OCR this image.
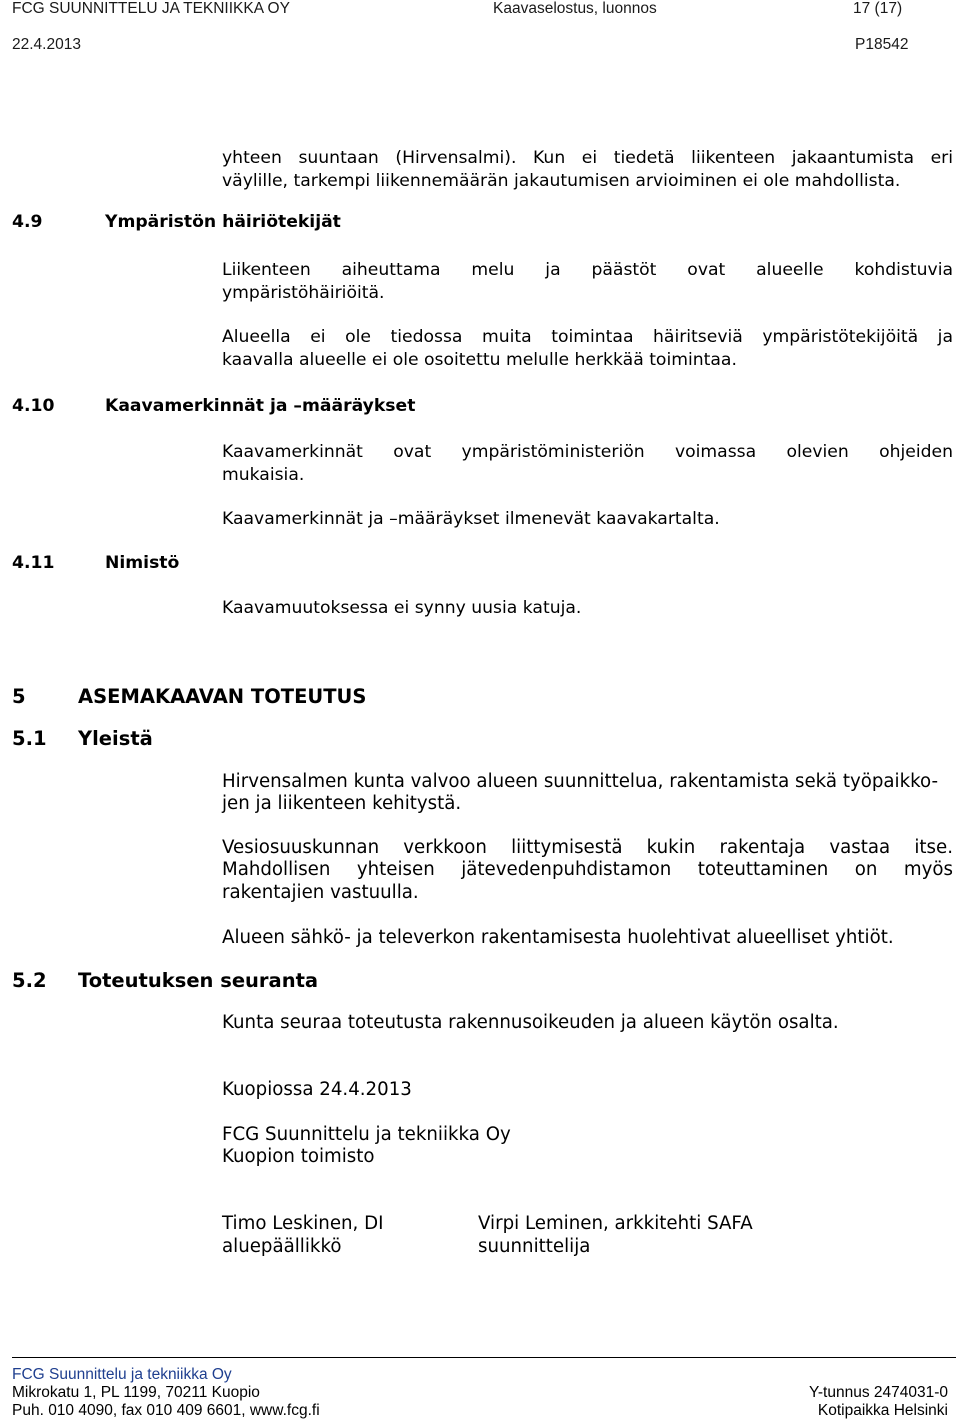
FCG SUUNNITTELU JA TEKNIIKKA OY
22.4.2013
Kaavaselostus, luonnos	17 (17)
P18542
yhteen suuntaan (Hirvensalmi). Kun ei tiedetä liikenteen jakaantumista eri
väylille, tarkempi liikennemäärän jakautumisen arvioiminen ei ole mahdollista.
4.9	Ympäristön häiriötekijät
Liikenteen aiheuttama melu ja päästöt ovat alueelle kohdistuvia
ympäristöhäiriöitä.
Alueella ei ole tiedossa muita toimintaa häiritseviä ympäristötekijöitä ja
kaavalla alueelle ei ole osoitettu melulle herkkää toimintaa.
4.10	Kaavamerkinnät ja –määräykset
Kaavamerkinnät ovat ympäristöministeriön voimassa olevien ohjeiden
mukaisia.
Kaavamerkinnät ja –määräykset ilmenevät kaavakartalta.
4.11	Nimistö
Kaavamuutoksessa ei synny uusia katuja.
5	ASEMAKAAVAN TOTEUTUS
5.1 Yleistä
Hirvensalmen kunta valvoo alueen suunnittelua, rakentamista sekä työpaikko-
jen ja liikenteen kehitystä.
Vesiosuuskunnan verkkoon liittymisestä kukin rakentaja vastaa itse.
Mahdollisen yhteisen jätevedenpuhdistamon toteuttaminen on myös
rakentajien vastuulla.
Alueen sähkö- ja televerkon rakentamisesta huolehtivat alueelliset yhtiöt.
5.2 Toteutuksen seuranta
Kunta seuraa toteutusta rakennusoikeuden ja alueen käytön osalta.
Kuopiossa 24.4.2013
FCG Suunnittelu ja tekniikka Oy
Kuopion toimisto
Timo Leskinen, DI
aluepäällikkö
Virpi Leminen, arkkitehti SAFA
suunnittelija
FCG Suunnittelu ja tekniikka Oy
Mikrokatu 1, PL 1199, 70211 Kuopio
Puh. 010 4090, fax 010 409 6601, www.fcg.fi
Y-tunnus 2474031-0
Kotipaikka Helsinki
